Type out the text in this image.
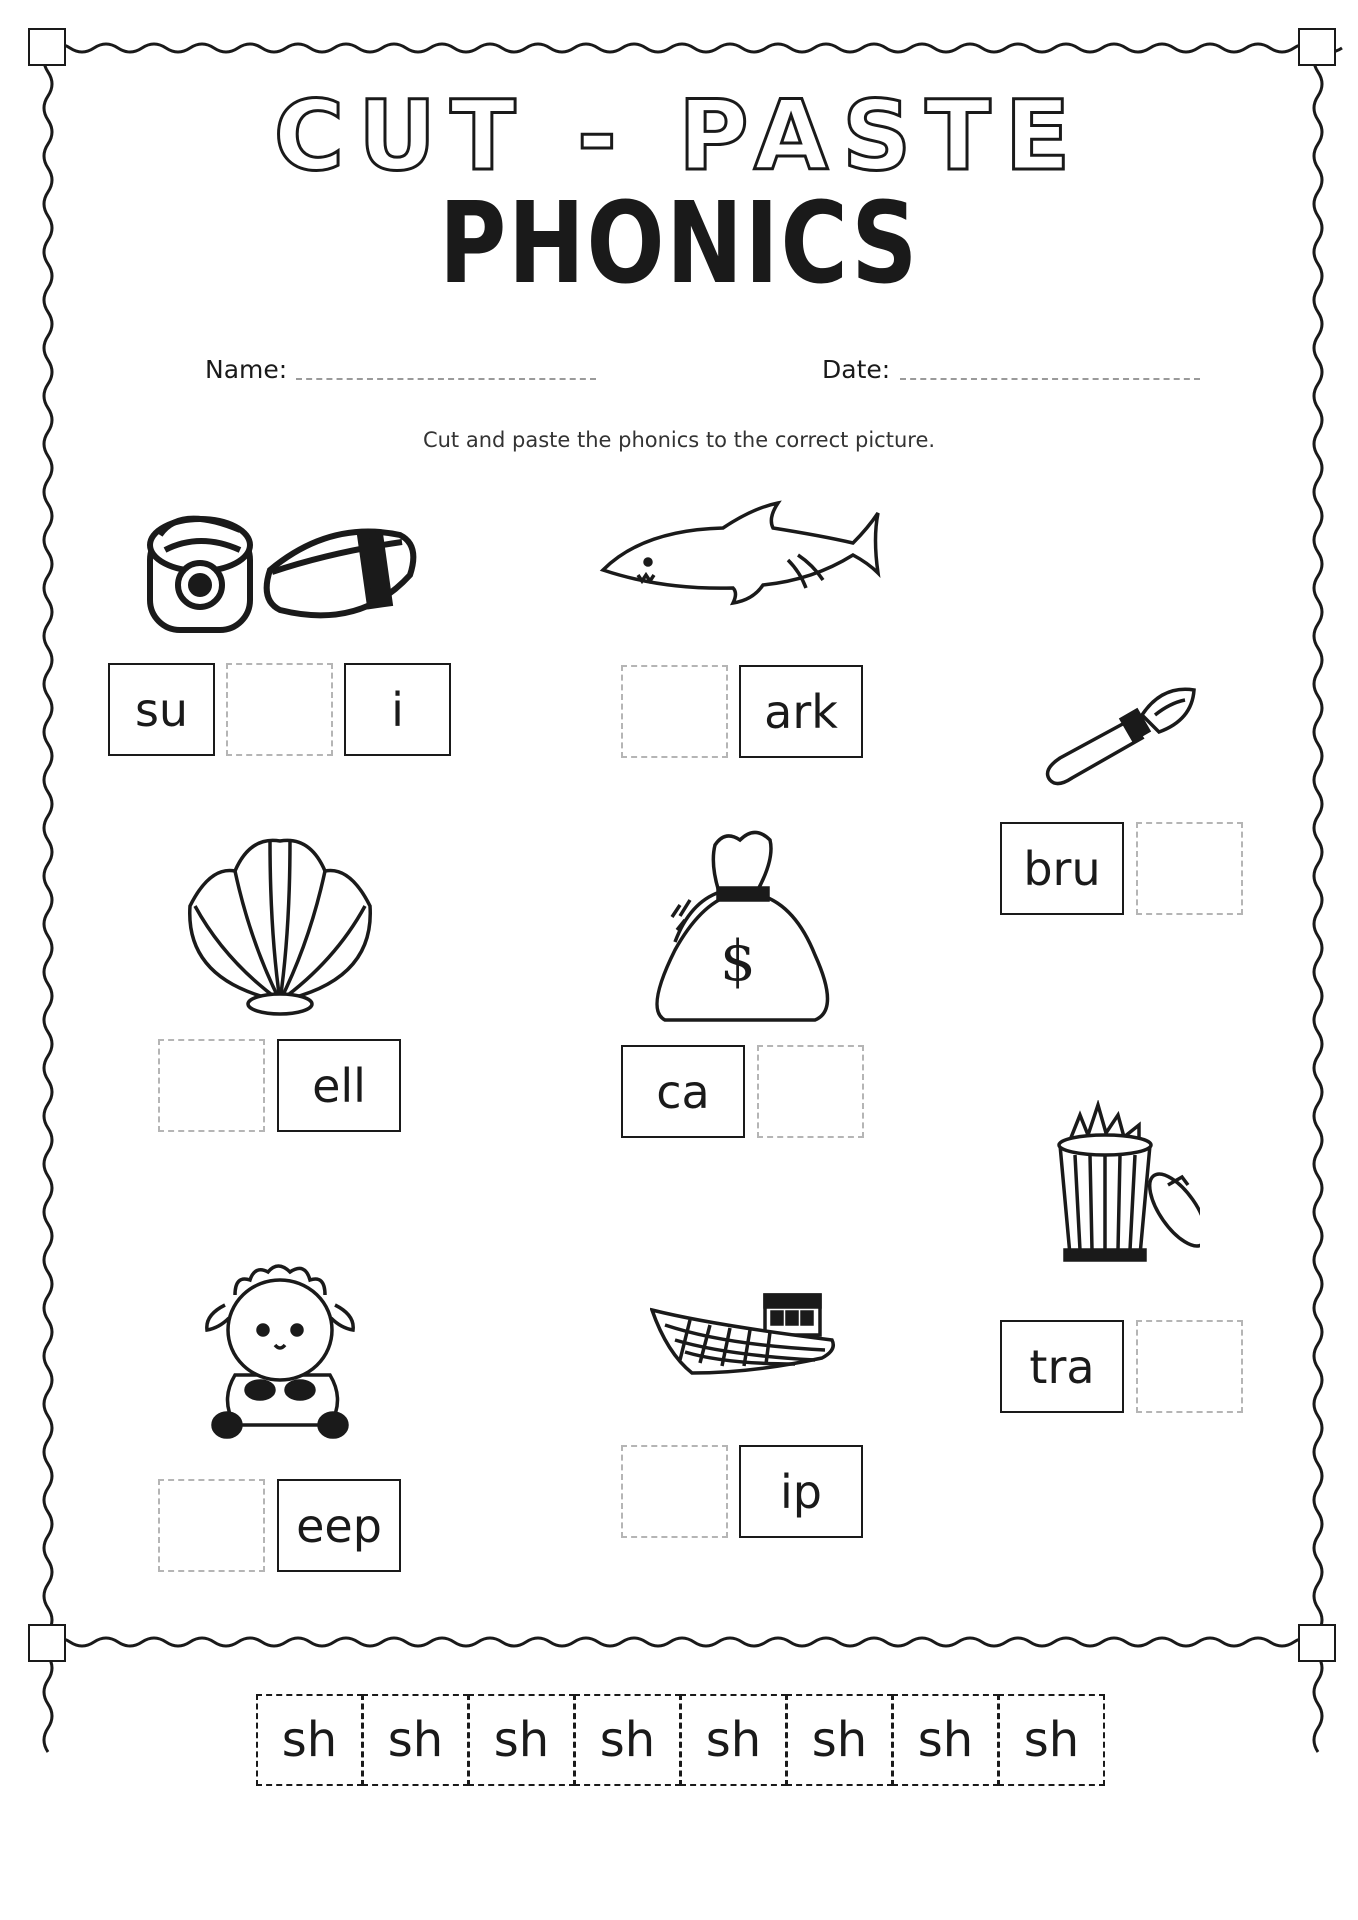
CUT - PASTE
PHONICS
Name:	Date:
Cut and paste the phonics to the correct picture.
$
su	i	ark
bru
ell	ca
tra
eep
ip
sh	sh	sh	sh	sh	sh	sh	sh
